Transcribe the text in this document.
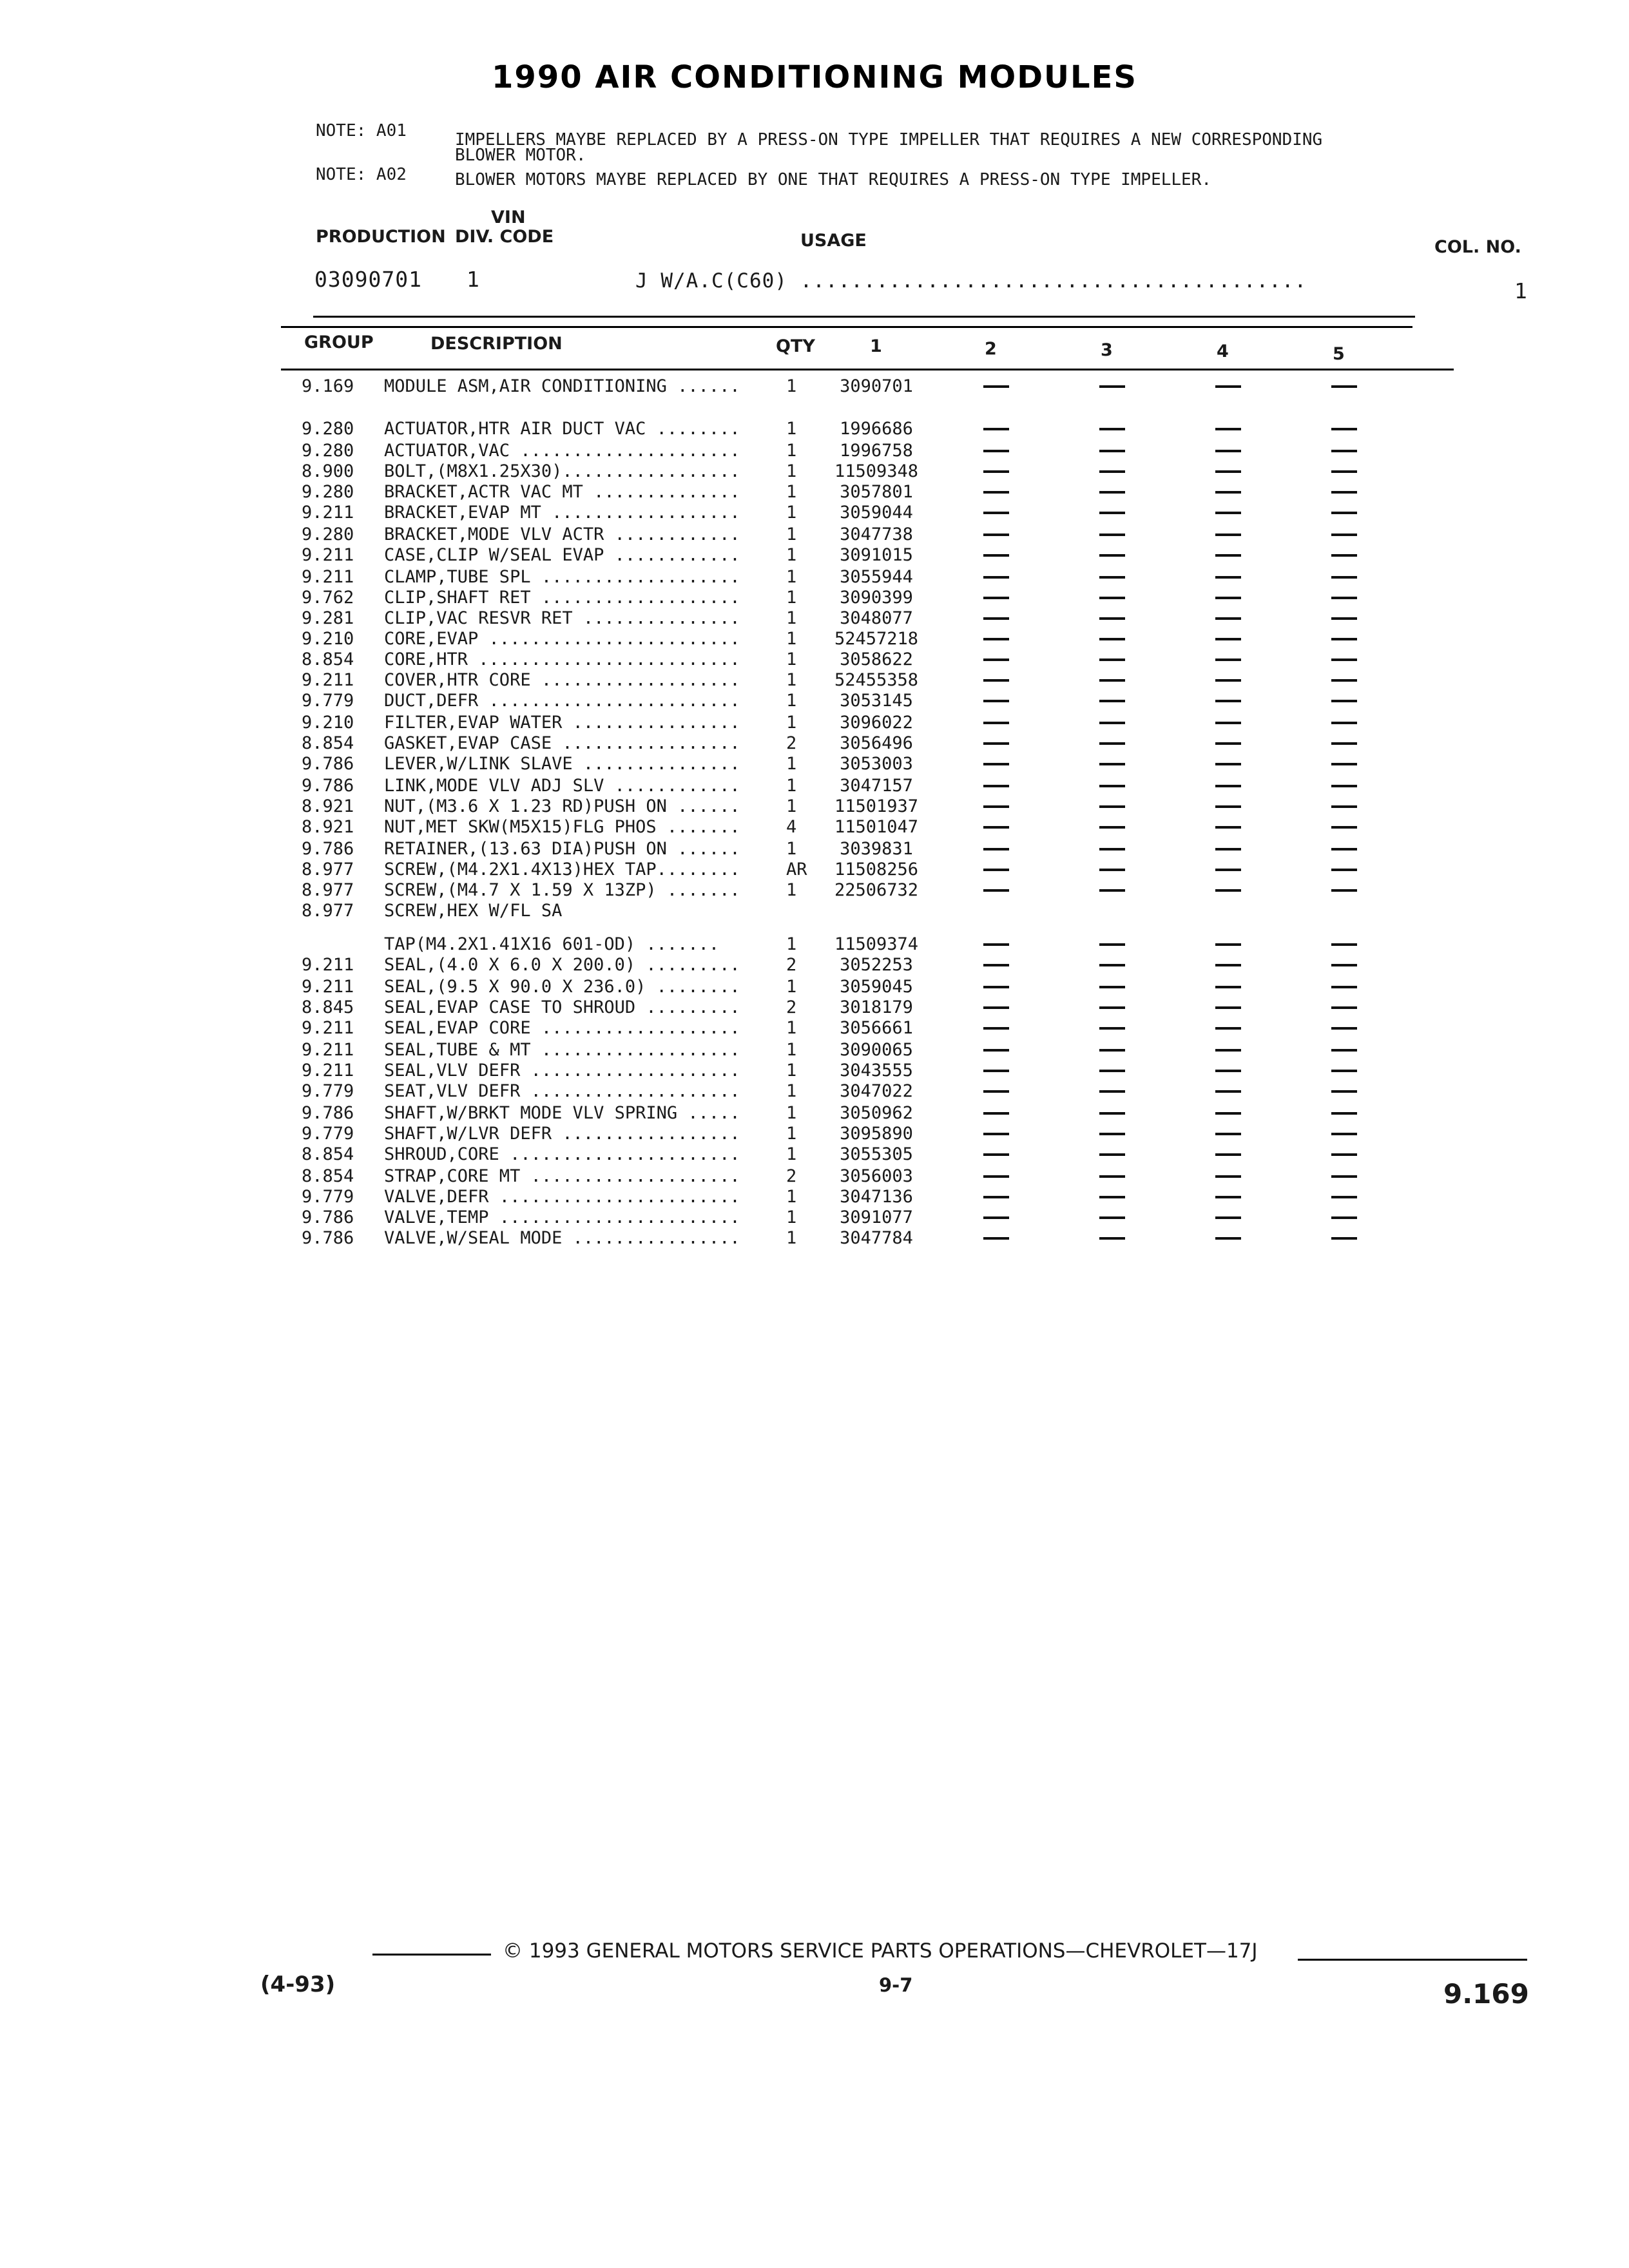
1990 AIR CONDITIONING MODULES
NOTE: A01	IMPELLERS MAYBE REPLACED BY A PRESS-ON TYPE IMPELLER THAT REQUIRES A NEW CORRESPONDING
BLOWER MOTOR.
NOTE: A02	BLOWER MOTORS MAYBE REPLACED BY ONE THAT REQUIRES A PRESS-ON TYPE IMPELLER.
VIN
PRODUCTION DIV. CODE	USAGE	COL. NO.
03090701 1	J W/A.C(C60) ........................................	1
GROUP	DESCRIPTION	QTY	1	2	3	4	5
9.169 MODULE ASM,AIR CONDITIONING ......	1	3090701
9.280 ACTUATOR,HTR AIR DUCT VAC ........	1	1996686
9.280 ACTUATOR,VAC .....................	1	1996758
8.900 BOLT,(M8X1.25X30).................	1	11509348
9.280 BRACKET,ACTR VAC MT ..............	1	3057801
9.211 BRACKET,EVAP MT ..................	1	3059044
9.280 BRACKET,MODE VLV ACTR ............	1	3047738
9.211 CASE,CLIP W/SEAL EVAP ............	1	3091015
9.211 CLAMP,TUBE SPL ...................	1	3055944
9.762 CLIP,SHAFT RET ...................	1	3090399
9.281 CLIP,VAC RESVR RET ...............	1	3048077
9.210 CORE,EVAP ........................	1	52457218
8.854 CORE,HTR .........................	1	3058622
9.211 COVER,HTR CORE ...................	1	52455358
9.779 DUCT,DEFR ........................	1	3053145
9.210 FILTER,EVAP WATER ................	1	3096022
8.854 GASKET,EVAP CASE .................	2	3056496
9.786 LEVER,W/LINK SLAVE ...............	1	3053003
9.786 LINK,MODE VLV ADJ SLV ............	1	3047157
8.921 NUT,(M3.6 X 1.23 RD)PUSH ON ......	1	11501937
8.921 NUT,MET SKW(M5X15)FLG PHOS .......	4	11501047
9.786 RETAINER,(13.63 DIA)PUSH ON ......	1	3039831
8.977 SCREW,(M4.2X1.4X13)HEX TAP........	AR	11508256
8.977 SCREW,(M4.7 X 1.59 X 13ZP) .......	1	22506732
8.977 SCREW,HEX W/FL SA
TAP(M4.2X1.41X16 601-OD) .......	1	11509374
9.211 SEAL,(4.0 X 6.0 X 200.0) .........	2	3052253
9.211 SEAL,(9.5 X 90.0 X 236.0) ........	1	3059045
8.845 SEAL,EVAP CASE TO SHROUD .........	2	3018179
9.211 SEAL,EVAP CORE ...................	1	3056661
9.211 SEAL,TUBE & MT ...................	1	3090065
9.211 SEAL,VLV DEFR ....................	1	3043555
9.779 SEAT,VLV DEFR ....................	1	3047022
9.786 SHAFT,W/BRKT MODE VLV SPRING .....	1	3050962
9.779 SHAFT,W/LVR DEFR .................	1	3095890
8.854 SHROUD,CORE ......................	1	3055305
8.854 STRAP,CORE MT ....................	2	3056003
9.779 VALVE,DEFR .......................	1	3047136
9.786 VALVE,TEMP .......................	1	3091077
9.786 VALVE,W/SEAL MODE ................	1	3047784
© 1993 GENERAL MOTORS SERVICE PARTS OPERATIONS—CHEVROLET—17J
(4-93)	9-7	9.169
